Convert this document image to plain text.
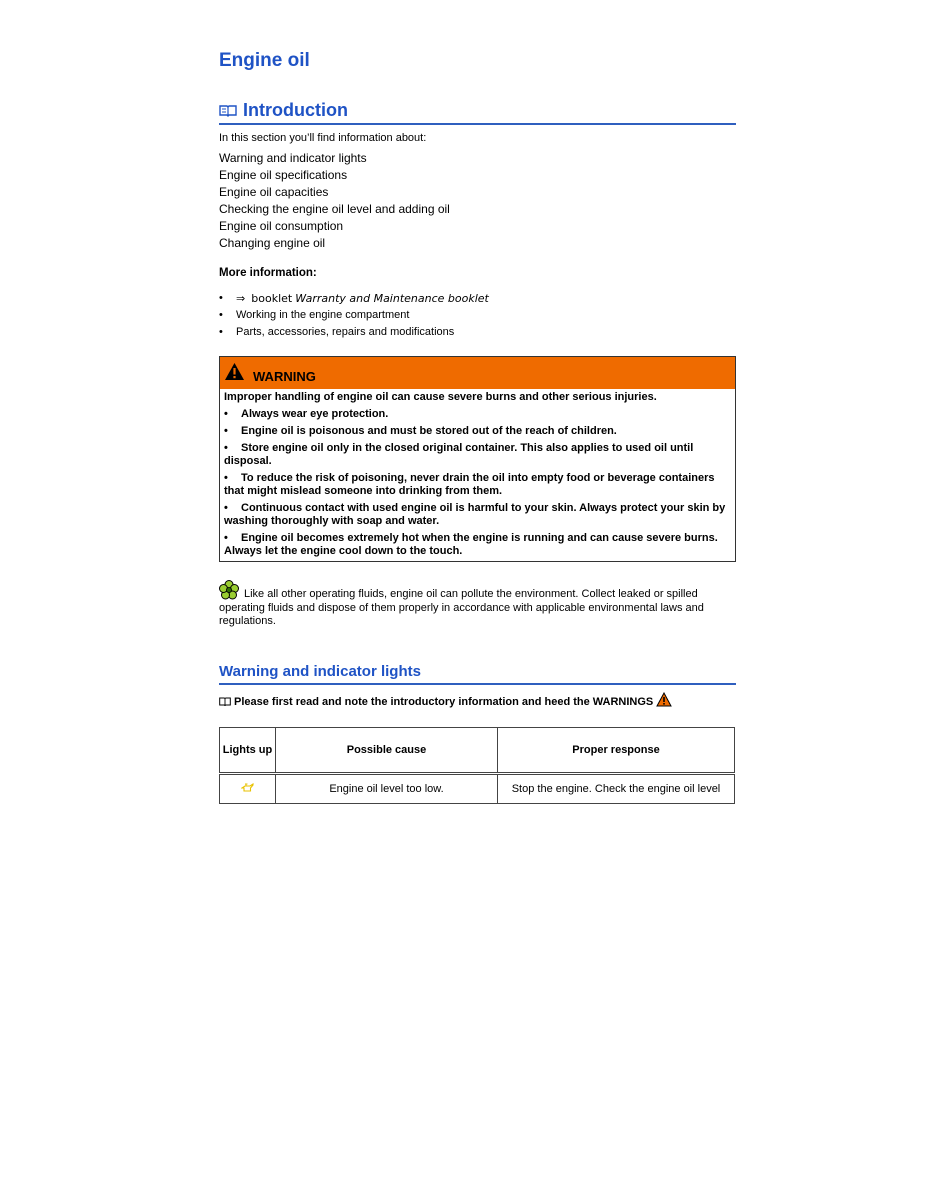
Engine oil
Introduction
In this section you’ll find information about:
Warning and indicator lights
Engine oil specifications
Engine oil capacities
Checking the engine oil level and adding oil
Engine oil consumption
Changing engine oil
More information:
• ⇒ booklet Warranty and Maintenance booklet
• Working in the engine compartment
• Parts, accessories, repairs and modifications
WARNING

Improper handling of engine oil can cause severe burns and other serious injuries.

• Always wear eye protection.

• Engine oil is poisonous and must be stored out of the reach of children.

• Store engine oil only in the closed original container. This also applies to used oil until disposal.

• To reduce the risk of poisoning, never drain the oil into empty food or beverage containers that might mislead someone into drinking from them.

• Continuous contact with used engine oil is harmful to your skin. Always protect your skin by washing thoroughly with soap and water.

• Engine oil becomes extremely hot when the engine is running and can cause severe burns. Always let the engine cool down to the touch.

Like all other operating fluids, engine oil can pollute the environment. Collect leaked or spilled operating fluids and dispose of them properly in accordance with applicable environmental laws and regulations.
Warning and indicator lights
Please first read and note the introductory information and heed the WARNINGS
Lights up	Possible cause	Proper response
	Engine oil level too low.	Stop the engine. Check the engine oil level
